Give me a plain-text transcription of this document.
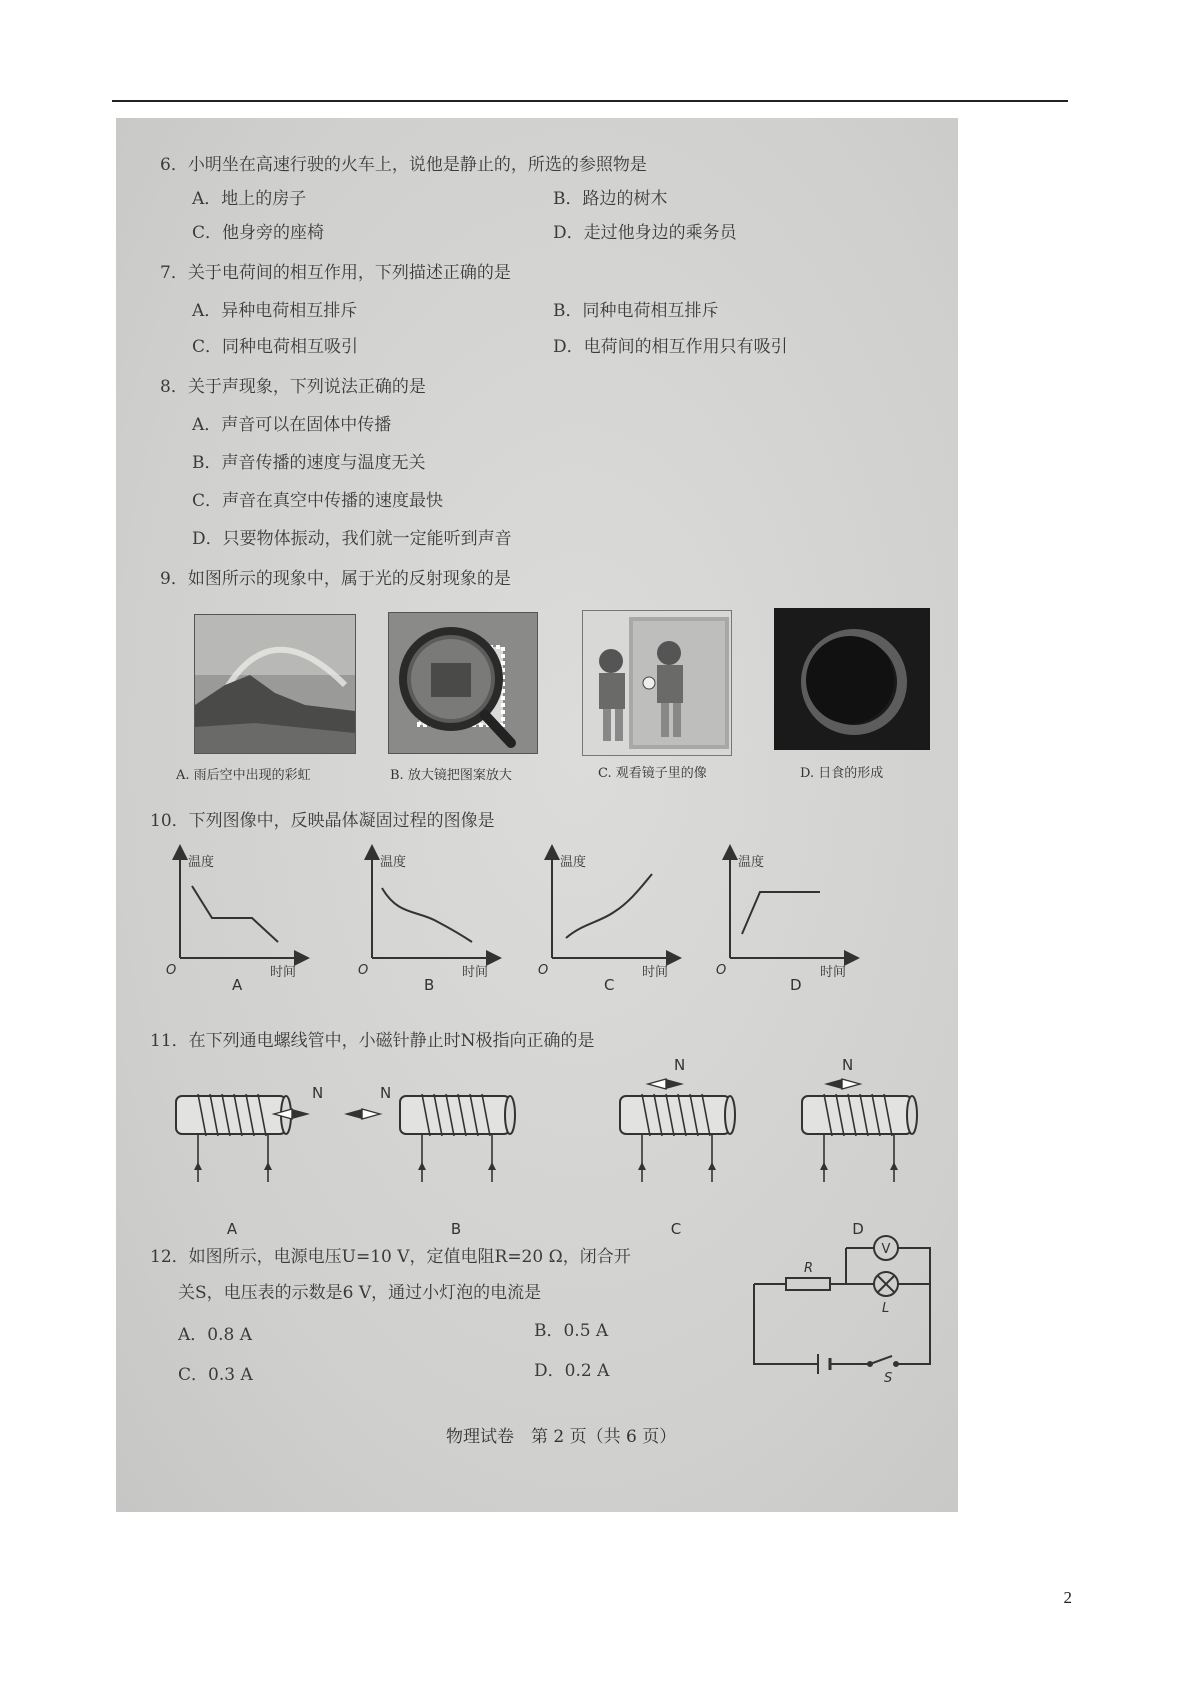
6．小明坐在高速行驶的火车上，说他是静止的，所选的参照物是
A．地上的房子	B．路边的树木
C．他身旁的座椅	D．走过他身边的乘务员
7．关于电荷间的相互作用，下列描述正确的是
A．异种电荷相互排斥	B．同种电荷相互排斥
C．同种电荷相互吸引	D．电荷间的相互作用只有吸引
8．关于声现象，下列说法正确的是
A．声音可以在固体中传播
B．声音传播的速度与温度无关
C．声音在真空中传播的速度最快
D．只要物体振动，我们就一定能听到声音
9．如图所示的现象中，属于光的反射现象的是
A. 雨后空中出现的彩虹	B. 放大镜把图案放大	C. 观看镜子里的像	D. 日食的形成
10．下列图像中，反映晶体凝固过程的图像是
温度
时间
O
A
温度
时间
O
B
温度
时间
O
C
温度
时间
O
D
11．在下列通电螺线管中，小磁针静止时N极指向正确的是
N
A
N
B
N
C
N
D
12．如图所示，电源电压U=10 V，定值电阻R=20 Ω，闭合开
关S，电压表的示数是6 V，通过小灯泡的电流是
A．0.8 A	B．0.5 A
C．0.3 A	D．0.2 A
V
R
L
S
物理试卷　第 2 页（共 6 页）
2
